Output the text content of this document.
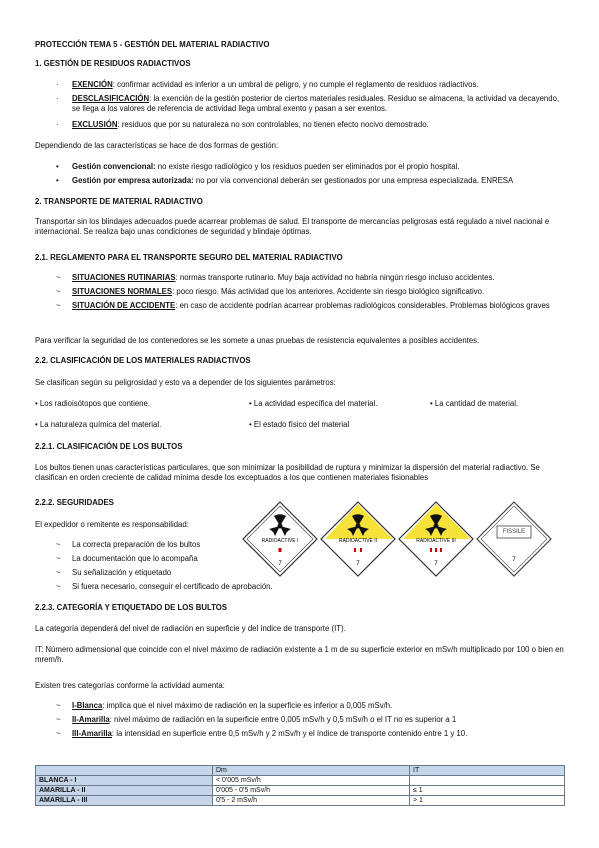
PROTECCIÓN TEMA 5 - GESTIÓN DEL MATERIAL RADIACTIVO
1. GESTIÓN DE RESIDUOS RADIACTIVOS
· EXENCIÓN: confirmar actividad es inferior a un umbral de peligro, y no cumple el reglamento de residuos radiactivos.
· DESCLASIFICACIÓN: la exención de la gestión posterior de ciertos materiales residuales. Residuo se almacena, la actividad va decayendo, se llega a los valores de referencia de actividad llega umbral exento y pasan a ser exentos.
· EXCLUSIÓN: residuos que por su naturaleza no son controlables, no tienen efecto nocivo demostrado.
Dependiendo de las características se hace de dos formas de gestión:
• Gestión convencional: no existe riesgo radiológico y los residuos pueden ser eliminados por el propio hospital.
• Gestión por empresa autorizada: no por vía convencional deberán ser gestionados por una empresa especializada. ENRESA
2. TRANSPORTE DE MATERIAL RADIACTIVO
Transportar sin los blindajes adecuados puede acarrear problemas de salud. El transporte de mercancías peligrosas está regulado a nivel nacional e internacional. Se realiza bajo unas condiciones de seguridad y blindaje óptimas.
2.1. REGLAMENTO PARA EL TRANSPORTE SEGURO DEL MATERIAL RADIACTIVO
~ SITUACIONES RUTINARIAS: normas transporte rutinario. Muy baja actividad no habría ningún riesgo incluso accidentes.
~ SITUACIONES NORMALES: poco riesgo. Más actividad que los anteriores. Accidente sin riesgo biológico significativo.
~ SITUACIÓN DE ACCIDENTE: en caso de accidente podrían acarrear problemas radiológicos considerables. Problemas biológicos graves
Para verificar la seguridad de los contenedores se les somete a unas pruebas de resistencia equivalentes a posibles accidentes.
2.2. CLASIFICACIÓN DE LOS MATERIALES RADIACTIVOS
Se clasifican según su peligrosidad y esto va a depender de los siguientes parámetros:
• Los radioisótopos que contiene.	• La actividad específica del material.	• La cantidad de material.
• La naturaleza química del material.	• El estado físico del material
2.2.1. CLASIFICACIÓN DE LOS BULTOS
Los bultos tienen unas características particulares, que son minimizar la posibilidad de ruptura y minimizar la dispersión del material radiactivo. Se clasifican en orden creciente de calidad mínima desde los exceptuados a los que contienen materiales fisionables
2.2.2. SEGURIDADES
El expedidor o remitente es responsabilidad:
~ La correcta preparación de los bultos
~ La documentación que lo acompaña
~ Su señalización y etiquetado
~ Si fuera necesario, conseguir el certificado de aprobación.
7
RADIOACTIVE I
7
RADIOACTIVE II
7
RADIOACTIVE III
7
FISSILE
2.2.3. CATEGORÍA Y ETIQUETADO DE LOS BULTOS
La categoría dependerá del nivel de radiación en superficie y del índice de transporte (IT).
IT: Número adimensional que coincide con el nivel máximo de radiación existente a 1 m de su superficie exterior en mSv/h multiplicado por 100 o bien en mrem/h.
Existen tres categorías conforme la actividad aumenta:
~ I-Blanca: implica que el nivel máximo de radiación en la superficie es inferior a 0,005 mSv/h.
~ II-Amarilla: nivel máximo de radiación en la superficie entre 0,005 mSv/h y 0,5 mSv/h o el IT no es superior a 1
~ III-Amarilla: la intensidad en superficie entre 0,5 mSv/h y 2 mSv/h y el índice de transporte contenido entre 1 y 10.
	Dm	IT
BLANCA - I	< 0'005 mSv/h	
AMARILLA - II	0'005 - 0'5 mSv/h	≤ 1
AMARILLA - III	0'5 - 2 mSv/h	> 1
